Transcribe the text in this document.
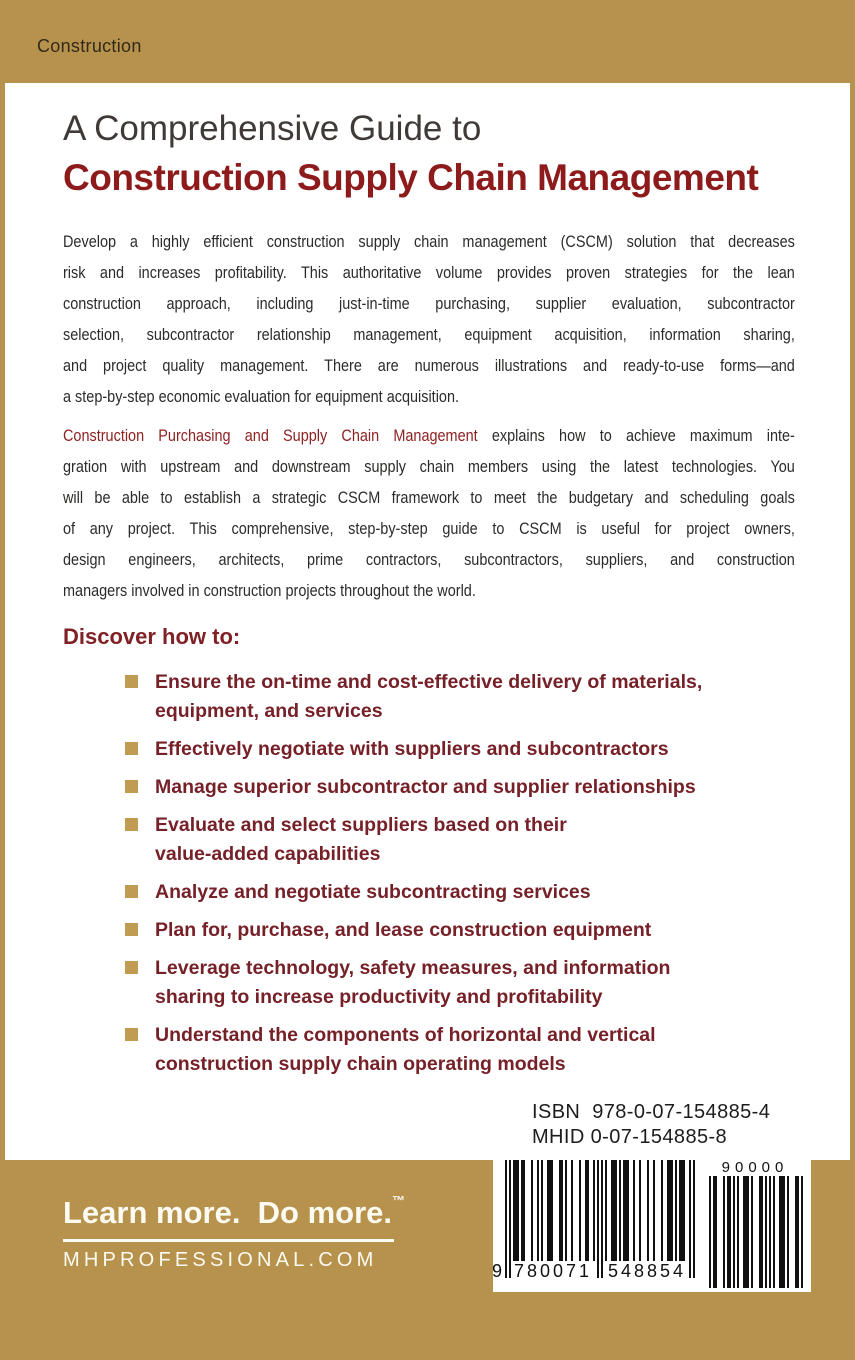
Construction
A Comprehensive Guide to
Construction Supply Chain Management
Develop a highly efficient construction supply chain management (CSCM) solution that decreases
risk and increases profitability. This authoritative volume provides proven strategies for the lean
construction approach, including just-in-time purchasing, supplier evaluation, subcontractor
selection, subcontractor relationship management, equipment acquisition, information sharing,
and project quality management. There are numerous illustrations and ready-to-use forms—and
a step-by-step economic evaluation for equipment acquisition.
Construction Purchasing and Supply Chain Management explains how to achieve maximum inte-
gration with upstream and downstream supply chain members using the latest technologies. You
will be able to establish a strategic CSCM framework to meet the budgetary and scheduling goals
of any project. This comprehensive, step-by-step guide to CSCM is useful for project owners,
design engineers, architects, prime contractors, subcontractors, suppliers, and construction
managers involved in construction projects throughout the world.
Discover how to:
Ensure the on-time and cost-effective delivery of materials,
equipment, and services
Effectively negotiate with suppliers and subcontractors
Manage superior subcontractor and supplier relationships
Evaluate and select suppliers based on their
value-added capabilities
Analyze and negotiate subcontracting services
Plan for, purchase, and lease construction equipment
Leverage technology, safety measures, and information
sharing to increase productivity and profitability
Understand the components of horizontal and vertical
construction supply chain operating models
ISBN  978-0-07-154885-4
MHID 0-07-154885-8
9 780071 548854
90000
Learn more.  Do more.™
MHPROFESSIONAL.COM
